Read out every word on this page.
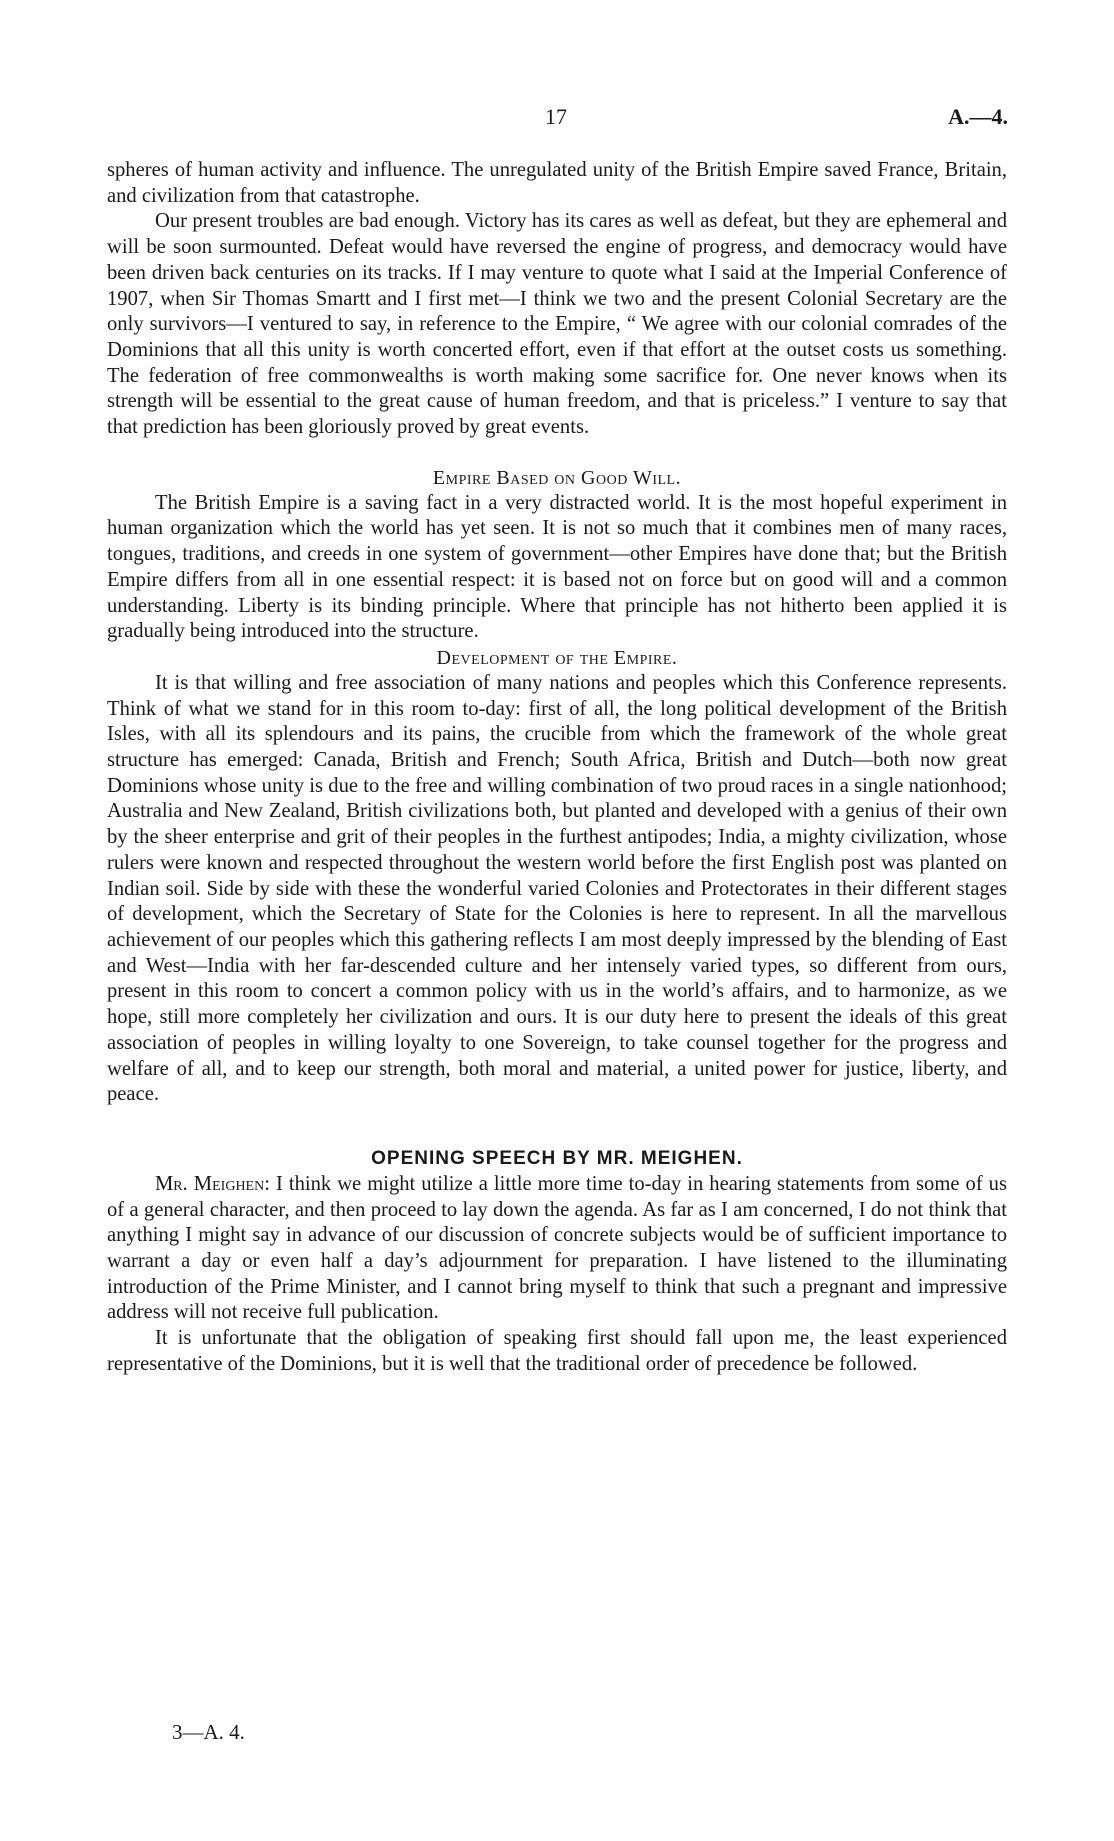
17	A.—4.

spheres of human activity and influence. The unregulated unity of the British Empire saved France, Britain, and civilization from that catastrophe.

Our present troubles are bad enough. Victory has its cares as well as defeat, but they are ephemeral and will be soon surmounted. Defeat would have reversed the engine of progress, and democracy would have been driven back centuries on its tracks. If I may venture to quote what I said at the Imperial Conference of 1907, when Sir Thomas Smartt and I first met—I think we two and the present Colonial Secretary are the only survivors—I ventured to say, in reference to the Empire, “ We agree with our colonial comrades of the Dominions that all this unity is worth concerted effort, even if that effort at the outset costs us something. The federation of free commonwealths is worth making some sacrifice for. One never knows when its strength will be essential to the great cause of human freedom, and that is priceless.” I venture to say that that prediction has been gloriously proved by great events.

Empire Based on Good Will.

The British Empire is a saving fact in a very distracted world. It is the most hopeful experiment in human organization which the world has yet seen. It is not so much that it combines men of many races, tongues, traditions, and creeds in one system of government—other Empires have done that; but the British Empire differs from all in one essential respect: it is based not on force but on good will and a common understanding. Liberty is its binding principle. Where that principle has not hitherto been applied it is gradually being introduced into the structure.

Development of the Empire.

It is that willing and free association of many nations and peoples which this Conference represents. Think of what we stand for in this room to-day: first of all, the long political development of the British Isles, with all its splendours and its pains, the crucible from which the framework of the whole great structure has emerged: Canada, British and French; South Africa, British and Dutch—both now great Dominions whose unity is due to the free and willing combination of two proud races in a single nationhood; Australia and New Zealand, British civilizations both, but planted and developed with a genius of their own by the sheer enterprise and grit of their peoples in the furthest antipodes; India, a mighty civilization, whose rulers were known and respected throughout the western world before the first English post was planted on Indian soil. Side by side with these the wonderful varied Colonies and Protectorates in their different stages of development, which the Secretary of State for the Colonies is here to represent. In all the marvellous achievement of our peoples which this gathering reflects I am most deeply impressed by the blending of East and West—India with her far-descended culture and her intensely varied types, so different from ours, present in this room to concert a common policy with us in the world’s affairs, and to harmonize, as we hope, still more completely her civilization and ours. It is our duty here to present the ideals of this great association of peoples in willing loyalty to one Sovereign, to take counsel together for the progress and welfare of all, and to keep our strength, both moral and material, a united power for justice, liberty, and peace.

OPENING SPEECH BY MR. MEIGHEN.

Mr. Meighen: I think we might utilize a little more time to-day in hearing statements from some of us of a general character, and then proceed to lay down the agenda. As far as I am concerned, I do not think that anything I might say in advance of our discussion of concrete subjects would be of sufficient importance to warrant a day or even half a day’s adjournment for preparation. I have listened to the illuminating introduction of the Prime Minister, and I cannot bring myself to think that such a pregnant and impressive address will not receive full publication.

It is unfortunate that the obligation of speaking first should fall upon me, the least experienced representative of the Dominions, but it is well that the traditional order of precedence be followed.

3—A. 4.
